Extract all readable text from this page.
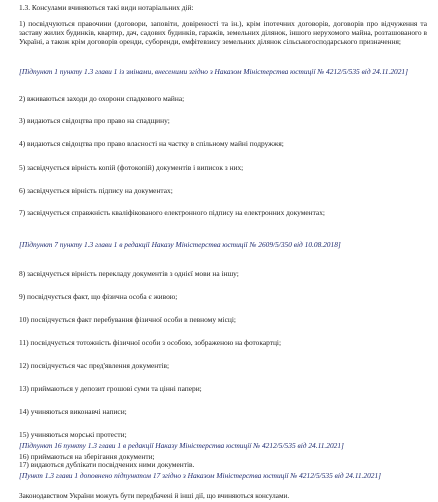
1.3. Консулами вчиняються такі види нотаріальних дій:
1) посвідчуються правочини (договори, заповіти, довіреності та ін.), крім іпотечних договорів, договорів про відчуження та заставу жилих будинків, квартир, дач, садових будинків, гаражів, земельних ділянок, іншого нерухомого майна, розташованого в Україні, а також крім договорів оренди, суборенди, емфітевзису земельних ділянок сільськогосподарського призначення;
[Підпункт 1 пункту 1.3 глави 1 із змінами, внесеними згідно з Наказом Міністерства юстиції № 4212/5/535 від 24.11.2021]
2) вживаються заходи до охорони спадкового майна;
3) видаються свідоцтва про право на спадщину;
4) видаються свідоцтва про право власності на частку в спільному майні подружжя;
5) засвідчується вірність копій (фотокопій) документів і виписок з них;
6) засвідчується вірність підпису на документах;
7) засвідчується справжність кваліфікованого електронного підпису на електронних документах;
[Підпункт 7 пункту 1.3 глави 1 в редакції Наказу Міністерства юстиції № 2609/5/350 від 10.08.2018]
8) засвідчується вірність перекладу документів з однієї мови на іншу;
9) посвідчується факт, що фізична особа є живою;
10) посвідчується факт перебування фізичної особи в певному місці;
11) посвідчується тотожність фізичної особи з особою, зображеною на фотокартці;
12) посвідчується час пред'явлення документів;
13) приймаються у депозит грошові суми та цінні папери;
14) учиняються виконавчі написи;
15) учиняються морські протести;
16) приймаються на зберігання документи;
[Підпункт 16 пункту 1.3 глави 1 в редакції Наказу Міністерства юстиції № 4212/5/535 від 24.11.2021]
17) видаються дублікати посвідчених ними документів.
[Пункт 1.3 глави 1 доповнено підпунктом 17 згідно з Наказом Міністерства юстиції № 4212/5/535 від 24.11.2021]
Законодавством України можуть бути передбачені й інші дії, що вчиняються консулами.
